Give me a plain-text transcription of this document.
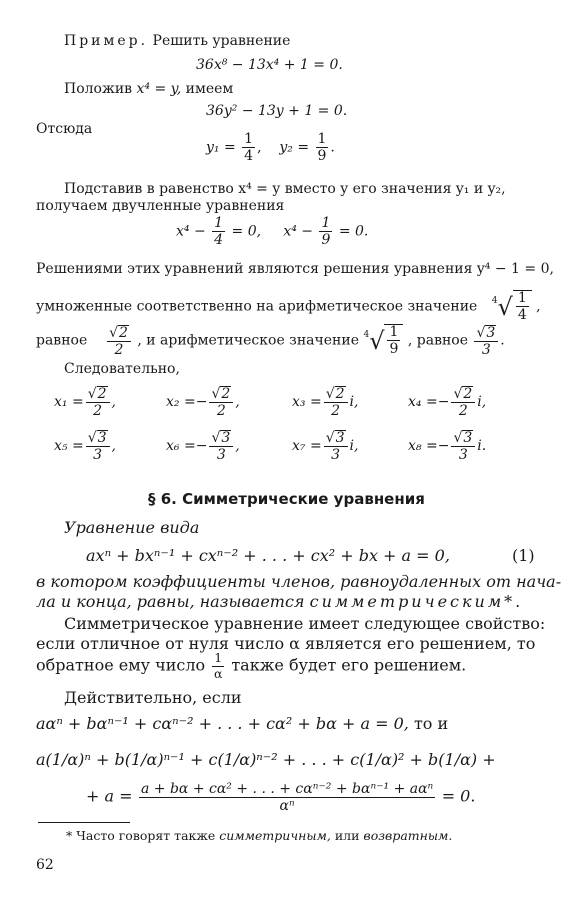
Пример. Решить уравнение
36x⁸ − 13x⁴ + 1 = 0.
Положив x⁴ = y, имеем
36y² − 13y + 1 = 0.
Отсюда
$y_1 = \frac{1}{4}$ ,    $y_2 = \frac{1}{9}$ .
Подставив в равенство x⁴ = y вместо y его значения y₁ и y₂,
получаем двучленные уравнения
$x^4 - \frac{1}{4} = 0$, $x^4 - \frac{1}{9} = 0$.
Решениями этих уравнений являются решения уравнения y⁴ − 1 = 0,
умноженные соответственно на арифметическое значение $^4√ \frac{1}{4}$ ,
равное $\frac{√2}{2}$ , и арифметическое значение $^4√ \frac{1}{9}$ , равное $\frac{√3}{3}$ .
Следовательно,
$x_1 = \frac{√2}{2}$ ,	$x_2 =- \frac{√2}{2}$ ,	$x_3 = \frac{√2}{2} i$,	$x_4 =- \frac{√2}{2} i$,
$x_5 = \frac{√3}{3}$ ,	$x_6 =- \frac{√3}{3}$ ,	$x_7 = \frac{√3}{3} i$,	$x_8 =- \frac{√3}{3} i$.
§ 6. Симметрические уравнения
Уравнение вида
axⁿ + bxⁿ⁻¹ + cxⁿ⁻² + . . . + cx² + bx + a = 0,	(1)
в котором коэффициенты членов, равноудаленных от нача-
ла и конца, равны, называется симметрическим*.
Симметрическое уравнение имеет следующее свойство:
если отличное от нуля число α является его решением, то
обратное ему число $\frac{1}{\alpha}$ также будет его решением.
Действительно, если
aαⁿ + bαⁿ⁻¹ + cαⁿ⁻² + . . . + cα² + bα + a = 0, то и
a(1/α)ⁿ + b(1/α)ⁿ⁻¹ + c(1/α)ⁿ⁻² + . . . + c(1/α)² + b(1/α) +
+ $a = \frac{\text{a + bα + cα² + . . . + cαⁿ⁻² + bαⁿ⁻¹ + aαⁿ}}{\text{αⁿ}} = 0$.
* Часто говорят также симметричным, или возвратным.
62
